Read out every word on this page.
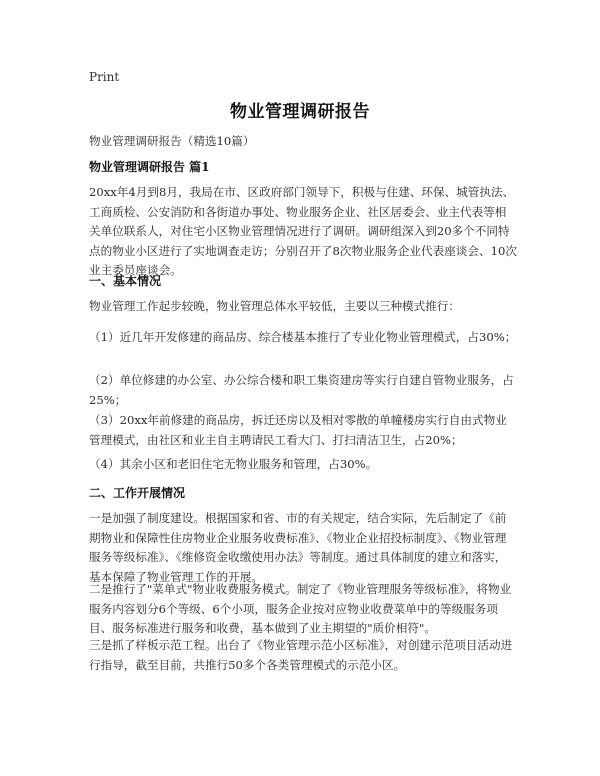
Print
物业管理调研报告
物业管理调研报告（精选10篇）
物业管理调研报告 篇1
20xx年4月到8月，我局在市、区政府部门领导下，积极与住建、环保、城管执法、工商质检、公安消防和各街道办事处、物业服务企业、社区居委会、业主代表等相关单位联系人，对住宅小区物业管理情况进行了调研。调研组深入到20多个不同特点的物业小区进行了实地调查走访；分别召开了8次物业服务企业代表座谈会、10次业主委员座谈会。
一、基本情况
物业管理工作起步较晚，物业管理总体水平较低，主要以三种模式推行：
（1）近几年开发修建的商品房、综合楼基本推行了专业化物业管理模式，占30%；
（2）单位修建的办公室、办公综合楼和职工集资建房等实行自建自管物业服务，占25%；
（3）20xx年前修建的商品房，拆迁还房以及相对零散的单幢楼房实行自由式物业管理模式，由社区和业主自主聘请民工看大门、打扫清洁卫生，占20%；
（4）其余小区和老旧住宅无物业服务和管理，占30%。
二、工作开展情况
一是加强了制度建设。根据国家和省、市的有关规定，结合实际，先后制定了《前期物业和保障性住房物业企业服务收费标准》、《物业企业招投标制度》、《物业管理服务等级标准》、《维修资金收缴使用办法》等制度。通过具体制度的建立和落实，基本保障了物业管理工作的开展。
二是推行了"菜单式"物业收费服务模式。制定了《物业管理服务等级标准》，将物业服务内容划分6个等级、6个小项，服务企业按对应物业收费菜单中的等级服务项目、服务标准进行服务和收费，基本做到了业主期望的"质价相符"。
三是抓了样板示范工程。出台了《物业管理示范小区标准》，对创建示范项目活动进行指导，截至目前，共推行50多个各类管理模式的示范小区。
